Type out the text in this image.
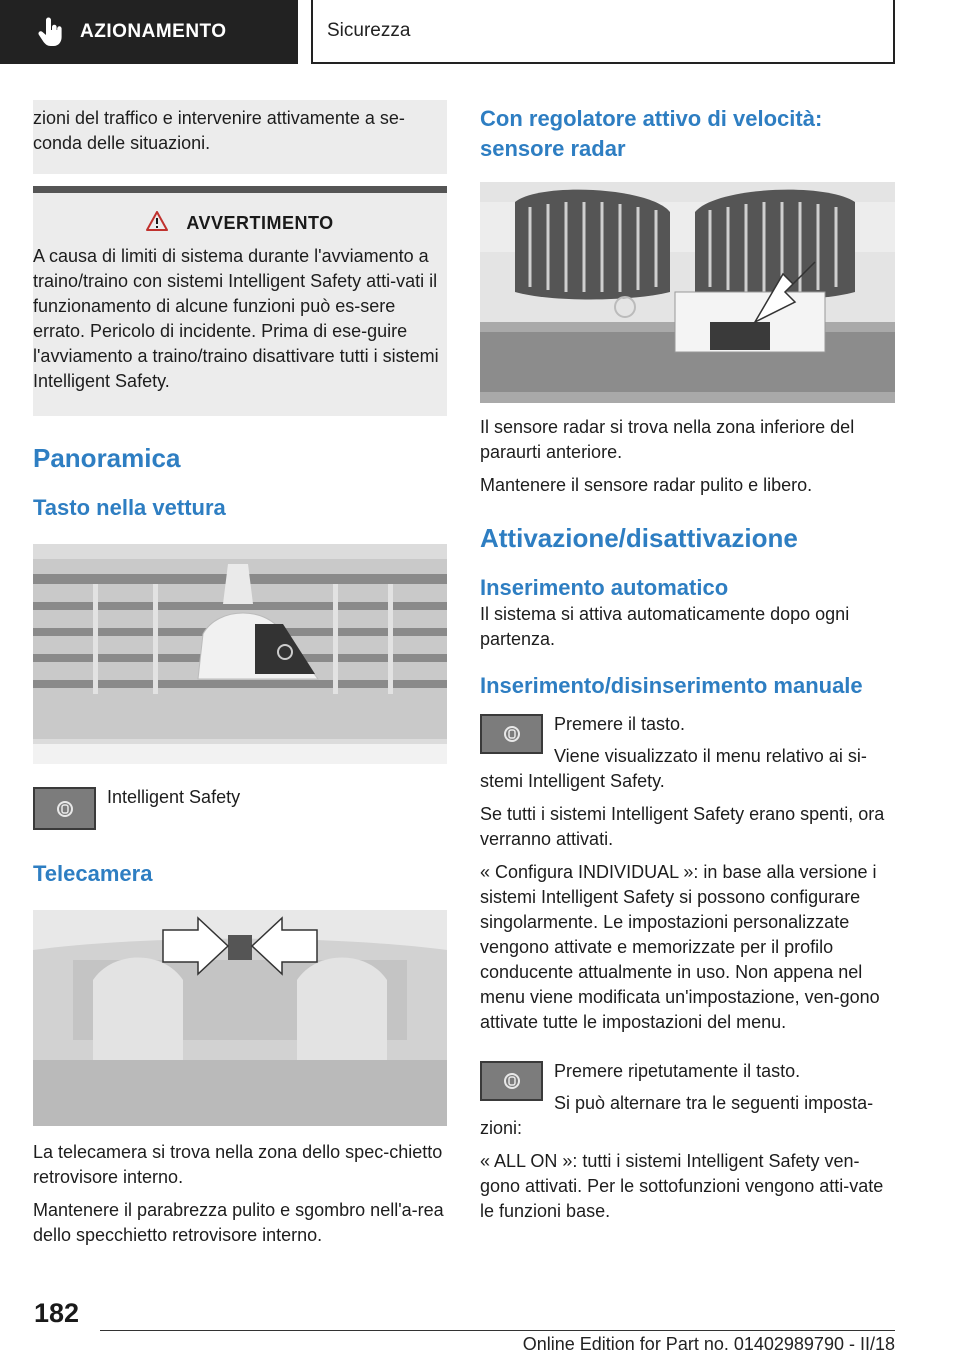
AZIONAMENTO	Sicurezza

zioni del traffico e intervenire attivamente a se-conda delle situazioni.

AVVERTIMENTO

A causa di limiti di sistema durante l'avviamento a traino/traino con sistemi Intelligent Safety atti-vati il funzionamento di alcune funzioni può es-sere errato. Pericolo di incidente. Prima di ese-guire l'avviamento a traino/traino disattivare tutti i sistemi Intelligent Safety.

Panoramica
Tasto nella vettura

Intelligent Safety

Telecamera

La telecamera si trova nella zona dello spec-chietto retrovisore interno.

Mantenere il parabrezza pulito e sgombro nell'a-rea dello specchietto retrovisore interno.

Con regolatore attivo di velocità: sensore radar

Il sensore radar si trova nella zona inferiore del paraurti anteriore.

Mantenere il sensore radar pulito e libero.

Attivazione/disattivazione
Inserimento automatico

Il sistema si attiva automaticamente dopo ogni partenza.

Inserimento/disinserimento manuale

Premere il tasto.

Viene visualizzato il menu relativo ai si-stemi Intelligent Safety.

Se tutti i sistemi Intelligent Safety erano spenti, ora verranno attivati.

« Configura INDIVIDUAL »: in base alla versione i sistemi Intelligent Safety si possono configurare singolarmente. Le impostazioni personalizzate vengono attivate e memorizzate per il profilo conducente attualmente in uso. Non appena nel menu viene modificata un'impostazione, ven-gono attivate tutte le impostazioni del menu.

Premere ripetutamente il tasto.

Si può alternare tra le seguenti imposta-zioni:

« ALL ON »: tutti i sistemi Intelligent Safety ven-gono attivati. Per le sottofunzioni vengono atti-vate le funzioni base.

182
Online Edition for Part no. 01402989790 - II/18
